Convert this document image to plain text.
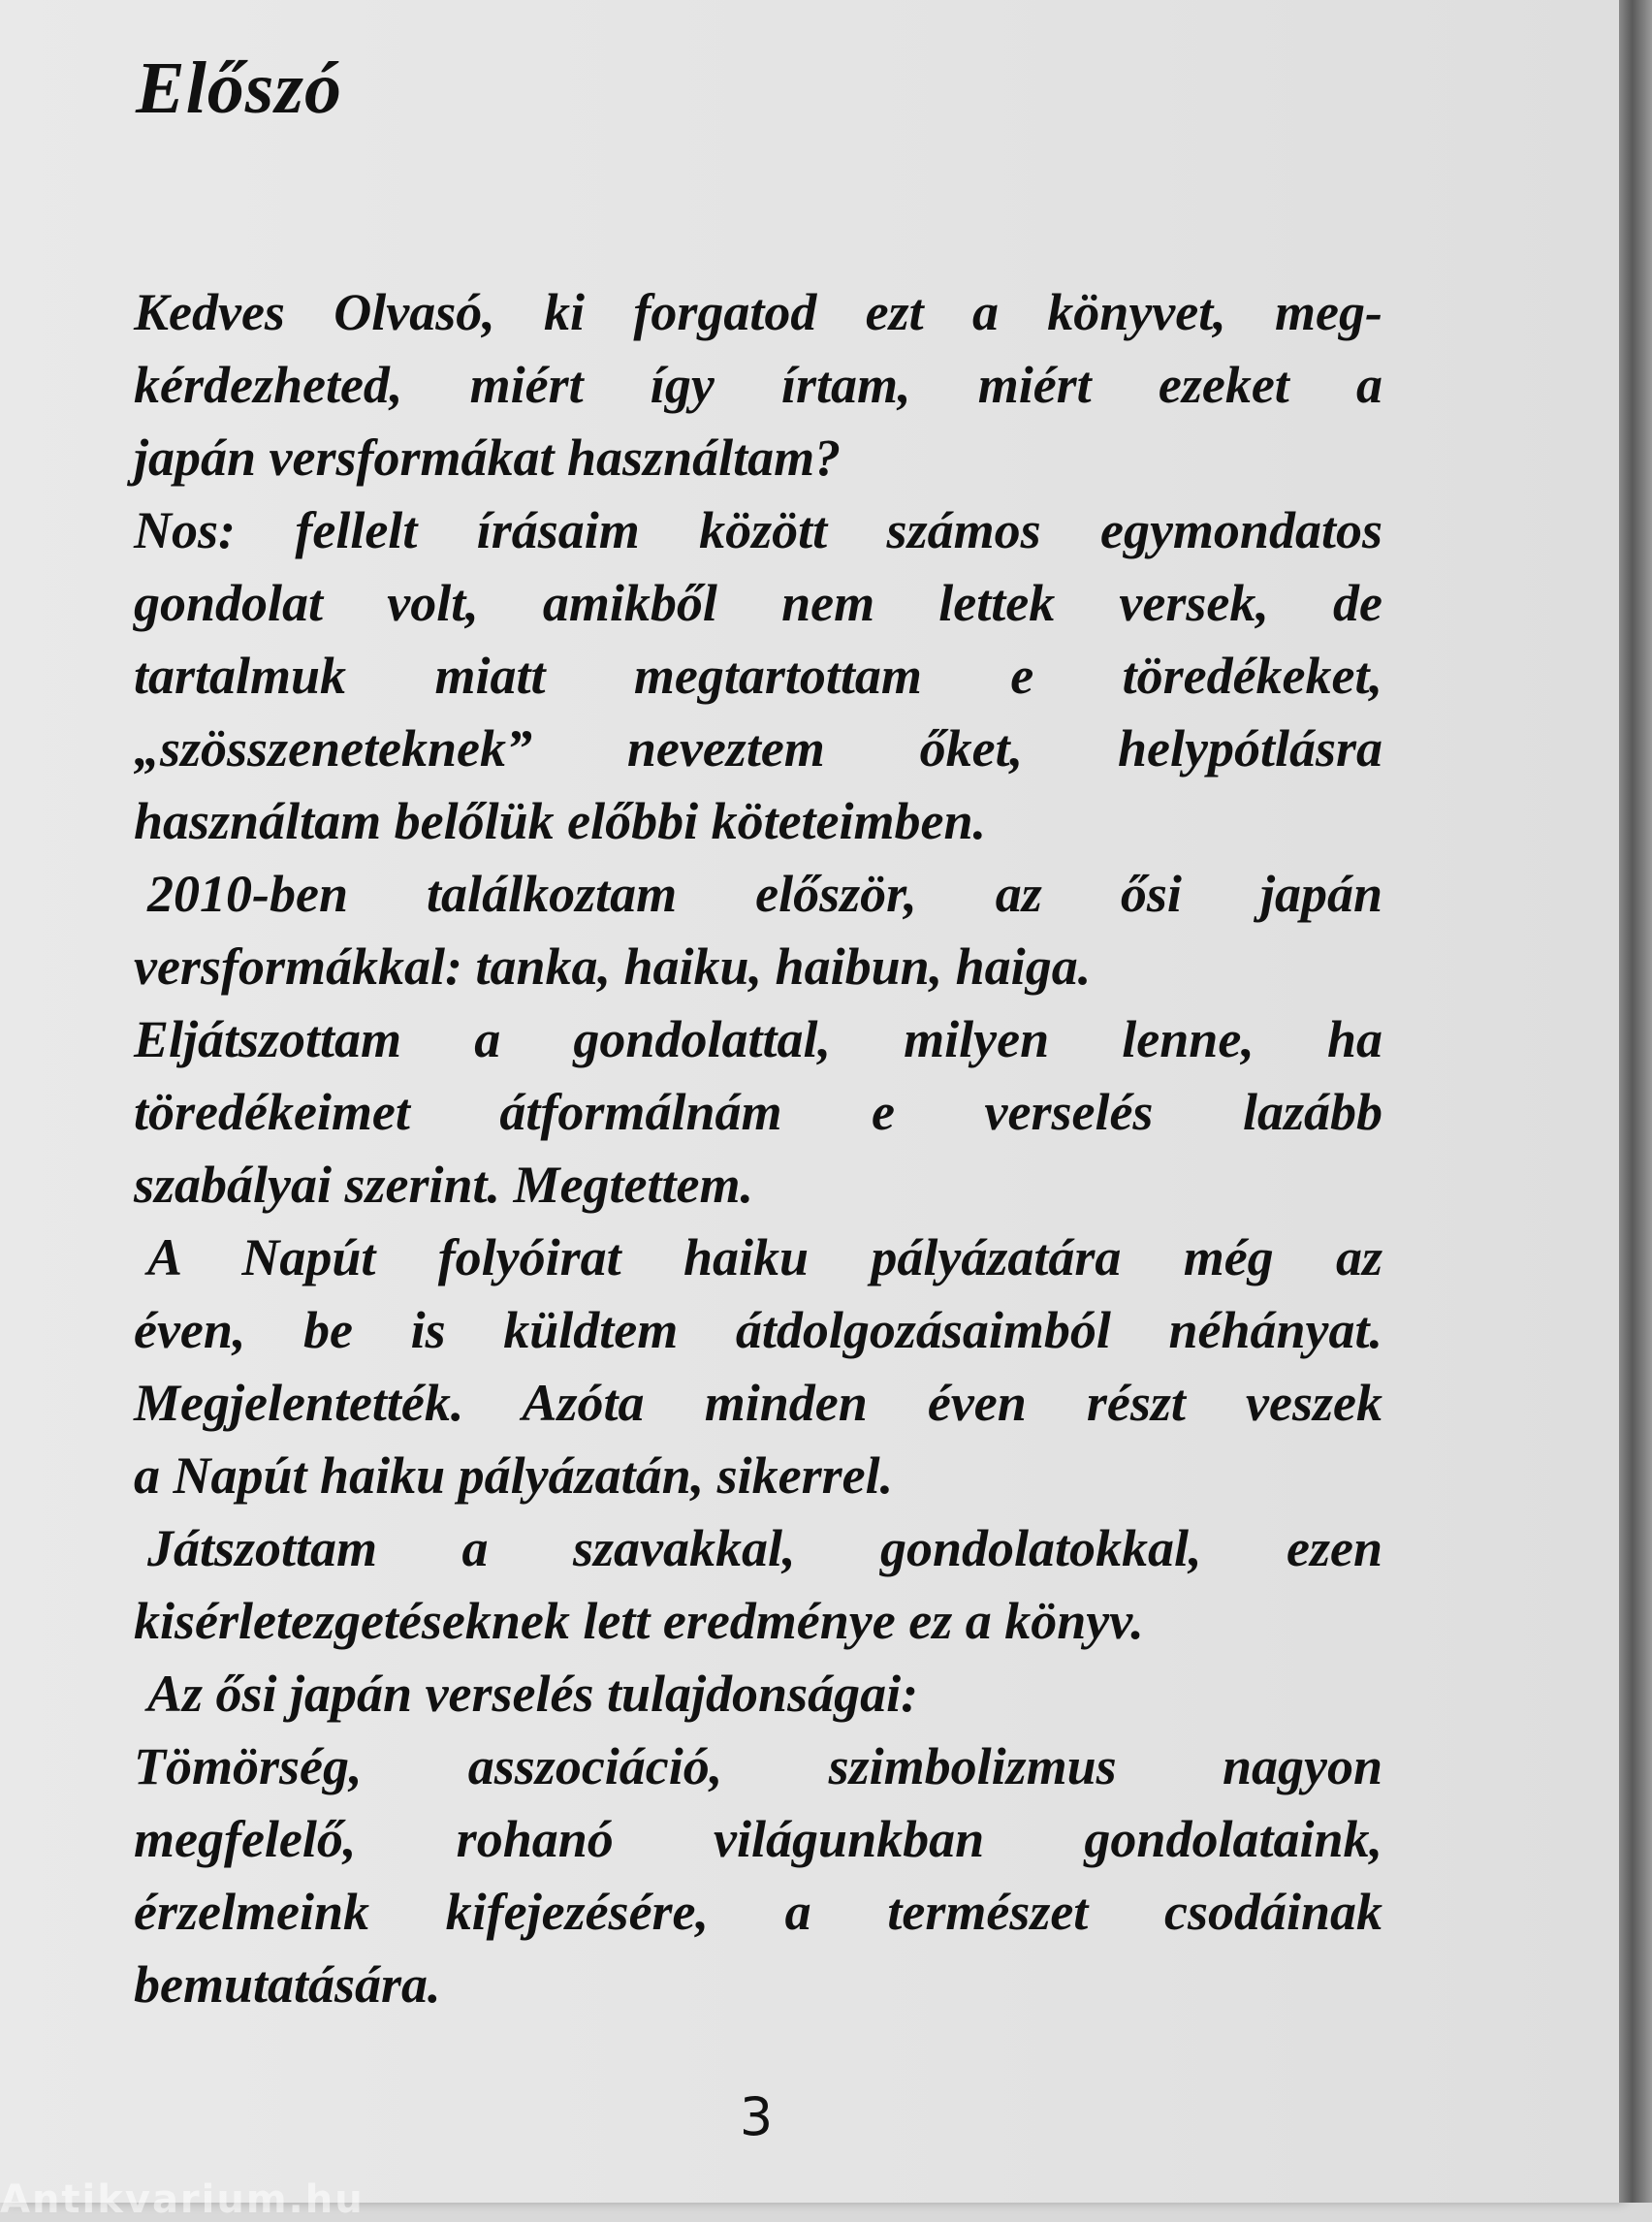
Előszó
Kedves Olvasó, ki forgatod ezt a könyvet, meg-
kérdezheted, miért így írtam, miért ezeket a
japán versformákat használtam?
Nos: fellelt írásaim között számos egymondatos
gondolat volt, amikből nem lettek versek, de
tartalmuk miatt megtartottam e töredékeket,
„szösszeneteknek” neveztem őket, helypótlásra
használtam belőlük előbbi köteteimben.
2010-ben találkoztam először, az ősi japán
versformákkal: tanka, haiku, haibun, haiga.
Eljátszottam a gondolattal, milyen lenne, ha
töredékeimet átformálnám e verselés lazább
szabályai szerint. Megtettem.
A Napút folyóirat haiku pályázatára még az
éven, be is küldtem átdolgozásaimból néhányat.
Megjelentették. Azóta minden éven részt veszek
a Napút haiku pályázatán, sikerrel.
Játszottam a szavakkal, gondolatokkal, ezen
kisérletezgetéseknek lett eredménye ez a könyv.
Az ősi japán verselés tulajdonságai:
Tömörség, asszociáció, szimbolizmus nagyon
megfelelő, rohanó világunkban gondolataink,
érzelmeink kifejezésére, a természet csodáinak
bemutatására.
3
Antikvarium.hu
